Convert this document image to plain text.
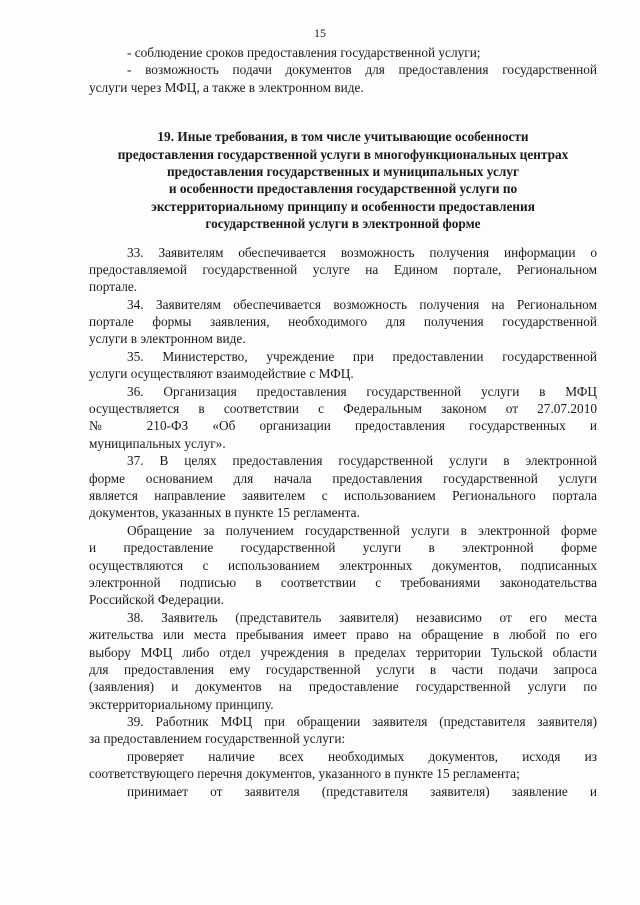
15
- соблюдение сроков предоставления государственной услуги;
- возможность подачи документов для предоставления государственной
услуги через МФЦ, а также в электронном виде.
19. Иные требования, в том числе учитывающие особенности
предоставления государственной услуги в многофункциональных центрах
предоставления государственных и муниципальных услуг
и особенности предоставления государственной услуги по
экстерриториальному принципу и особенности предоставления
государственной услуги в электронной форме
33. Заявителям обеспечивается возможность получения информации о
предоставляемой государственной услуге на Едином портале, Региональном
портале.
34. Заявителям обеспечивается возможность получения на Региональном
портале формы заявления, необходимого для получения государственной
услуги в электронном виде.
35. Министерство, учреждение при предоставлении государственной
услуги осуществляют взаимодействие с МФЦ.
36. Организация предоставления государственной услуги в МФЦ
осуществляется в соответствии с Федеральным законом от 27.07.2010
№ 210-ФЗ «Об организации предоставления государственных и
муниципальных услуг».
37. В целях предоставления государственной услуги в электронной
форме основанием для начала предоставления государственной услуги
является направление заявителем с использованием Регионального портала
документов, указанных в пункте 15 регламента.
Обращение за получением государственной услуги в электронной форме
и предоставление государственной услуги в электронной форме
осуществляются с использованием электронных документов, подписанных
электронной подписью в соответствии с требованиями законодательства
Российской Федерации.
38. Заявитель (представитель заявителя) независимо от его места
жительства или места пребывания имеет право на обращение в любой по его
выбору МФЦ либо отдел учреждения в пределах территории Тульской области
для предоставления ему государственной услуги в части подачи запроса
(заявления) и документов на предоставление государственной услуги по
экстерриториальному принципу.
39. Работник МФЦ при обращении заявителя (представителя заявителя)
за предоставлением государственной услуги:
проверяет наличие всех необходимых документов, исходя из
соответствующего перечня документов, указанного в пункте 15 регламента;
принимает от заявителя (представителя заявителя) заявление и
